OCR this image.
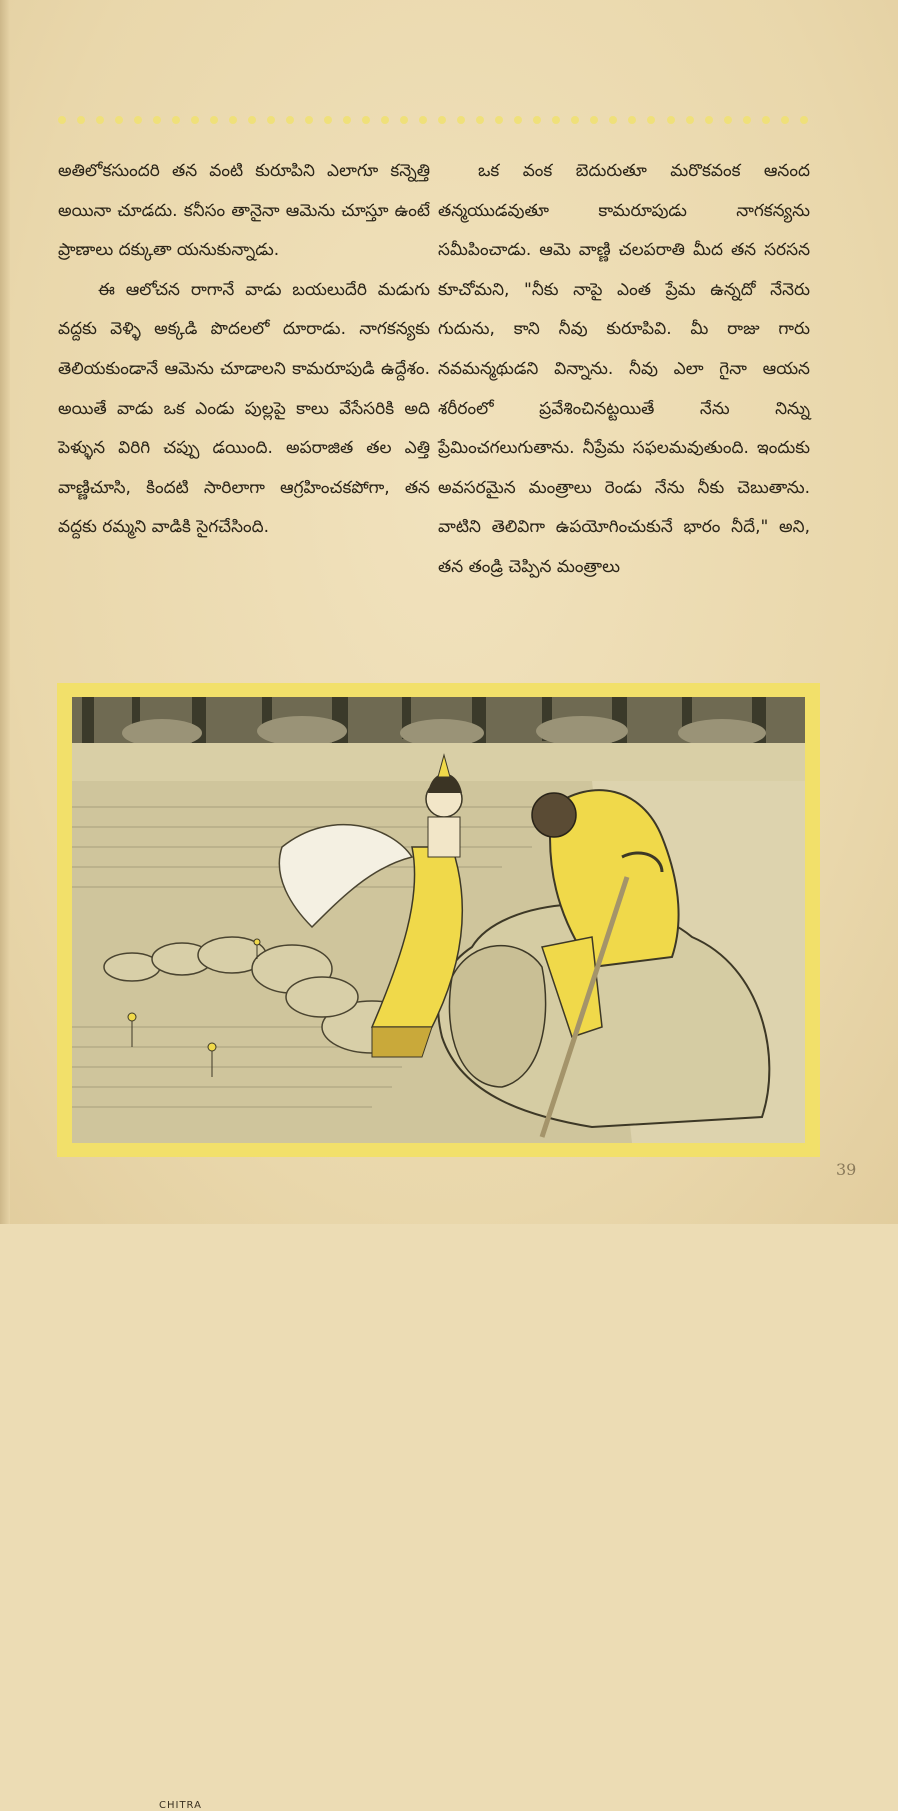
అతిలోకసుందరి తన వంటి కురూపిని ఎలాగూ కన్నెత్తి అయినా చూడదు. కనీసం తానైనా ఆమెను చూస్తూ ఉంటే ప్రాణాలు దక్కుతా యనుకున్నాడు.

ఈ ఆలోచన రాగానే వాడు బయలుదేరి మడుగు వద్దకు వెళ్ళి అక్కడి పొదలలో దూరాడు. నాగకన్యకు తెలియకుండానే ఆమెను చూడాలని కామరూపుడి ఉద్దేశం. అయితే వాడు ఒక ఎండు పుల్లపై కాలు వేసేసరికి అది పెళ్ళున విరిగి చప్పు డయింది. అపరాజిత తల ఎత్తి వాణ్ణిచూసి, కిందటి సారిలాగా ఆగ్రహించకపోగా, తన వద్దకు రమ్మని వాడికి సైగచేసింది.

ఒక వంక బెదురుతూ మరొకవంక ఆనంద తన్మయుడవుతూ కామరూపుడు నాగకన్యను సమీపించాడు. ఆమె వాణ్ణి చలపరాతి మీద తన సరసన కూచోమని, "నీకు నాపై ఎంత ప్రేమ ఉన్నదో నేనెరు గుదును, కాని నీవు కురూపివి. మీ రాజు గారు నవమన్మథుడని విన్నాను. నీవు ఎలా గైనా ఆయన శరీరంలో ప్రవేశించినట్టయితే నేను నిన్ను ప్రేమించగలుగుతాను. నీప్రేమ సఫలమవుతుంది. ఇందుకు అవసరమైన మంత్రాలు రెండు నేను నీకు చెబుతాను. వాటిని తెలివిగా ఉపయోగించుకునే భారం నీదే," అని, తన తండ్రి చెప్పిన మంత్రాలు

CHITRA
39
